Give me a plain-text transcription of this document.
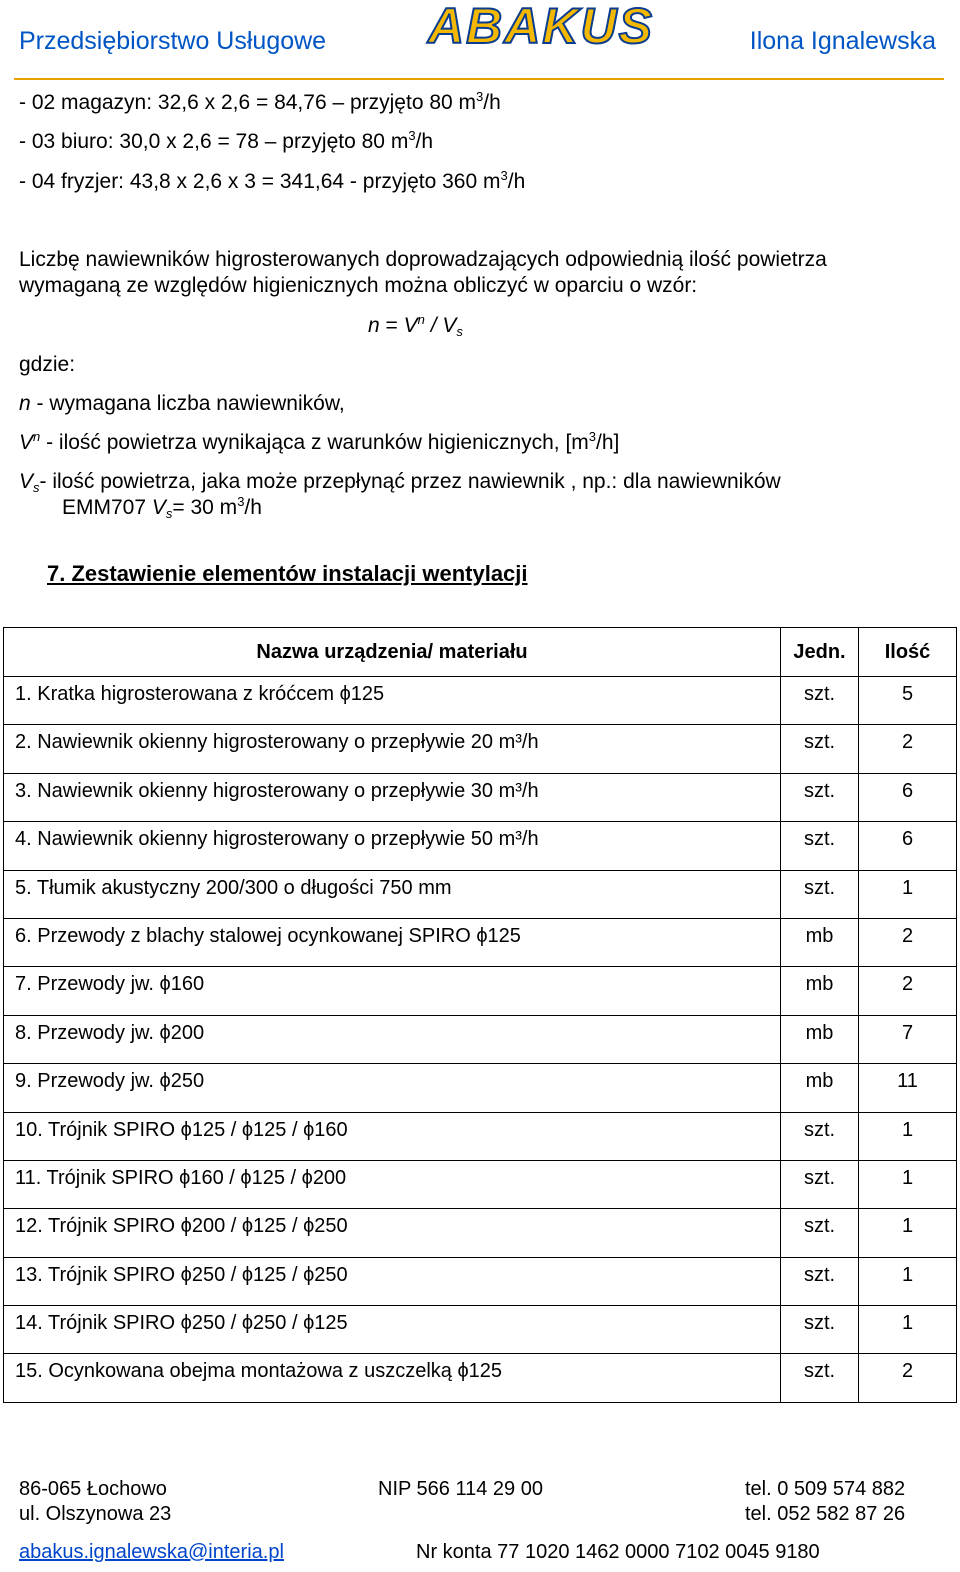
Przedsiębiorstwo Usługowe ABAKUS	Ilona Ignalewska
- 02 magazyn: 32,6 x 2,6 = 84,76 – przyjęto 80 $m^3/h$
- 03 biuro: 30,0 x 2,6 = 78 – przyjęto 80 $m^3/h$
- 04 fryzjer: 43,8 x 2,6 x 3 = 341,64 - przyjęto 360 $m^3/h$
Liczbę nawiewników higrosterowanych doprowadzających odpowiednią ilość powietrza
wymaganą ze względów higienicznych można obliczyć w oparciu o wzór:
$n = V^n / V_s$
gdzie:
n - wymagana liczba nawiewników,
$V^n$ - ilość powietrza wynikająca z warunków higienicznych, $[m^3/h]$
$V_s-$ ilość powietrza, jaka może przepłynąć przez nawiewnik , np.: dla nawiewników
EMM707 $V_s= 30$ $m^3/h$
7. Zestawienie elementów instalacji wentylacji
Nazwa urządzenia/ materiału	Jedn.	Ilość
1. Kratka higrosterowana z króćcem ϕ125	szt.	5
2. Nawiewnik okienny higrosterowany o przepływie 20 m³/h	szt.	2
3. Nawiewnik okienny higrosterowany o przepływie 30 m³/h	szt.	6
4. Nawiewnik okienny higrosterowany o przepływie 50 m³/h	szt.	6
5. Tłumik akustyczny 200/300 o długości 750 mm	szt.	1
6. Przewody z blachy stalowej ocynkowanej SPIRO ϕ125	mb	2
7. Przewody jw. ϕ160	mb	2
8. Przewody jw. ϕ200	mb	7
9. Przewody jw. ϕ250	mb	11
10. Trójnik SPIRO ϕ125 / ϕ125 / ϕ160	szt.	1
11. Trójnik SPIRO ϕ160 / ϕ125 / ϕ200	szt.	1
12. Trójnik SPIRO ϕ200 / ϕ125 / ϕ250	szt.	1
13. Trójnik SPIRO ϕ250 / ϕ125 / ϕ250	szt.	1
14. Trójnik SPIRO ϕ250 / ϕ250 / ϕ125	szt.	1
15. Ocynkowana obejma montażowa z uszczelką ϕ125	szt.	2
86-065 Łochowo
ul. Olszynowa 23
NIP 566 114 29 00	tel. 0 509 574 882
tel. 052 582 87 26
abakus.ignalewska@interia.pl	Nr konta 77 1020 1462 0000 7102 0045 9180
